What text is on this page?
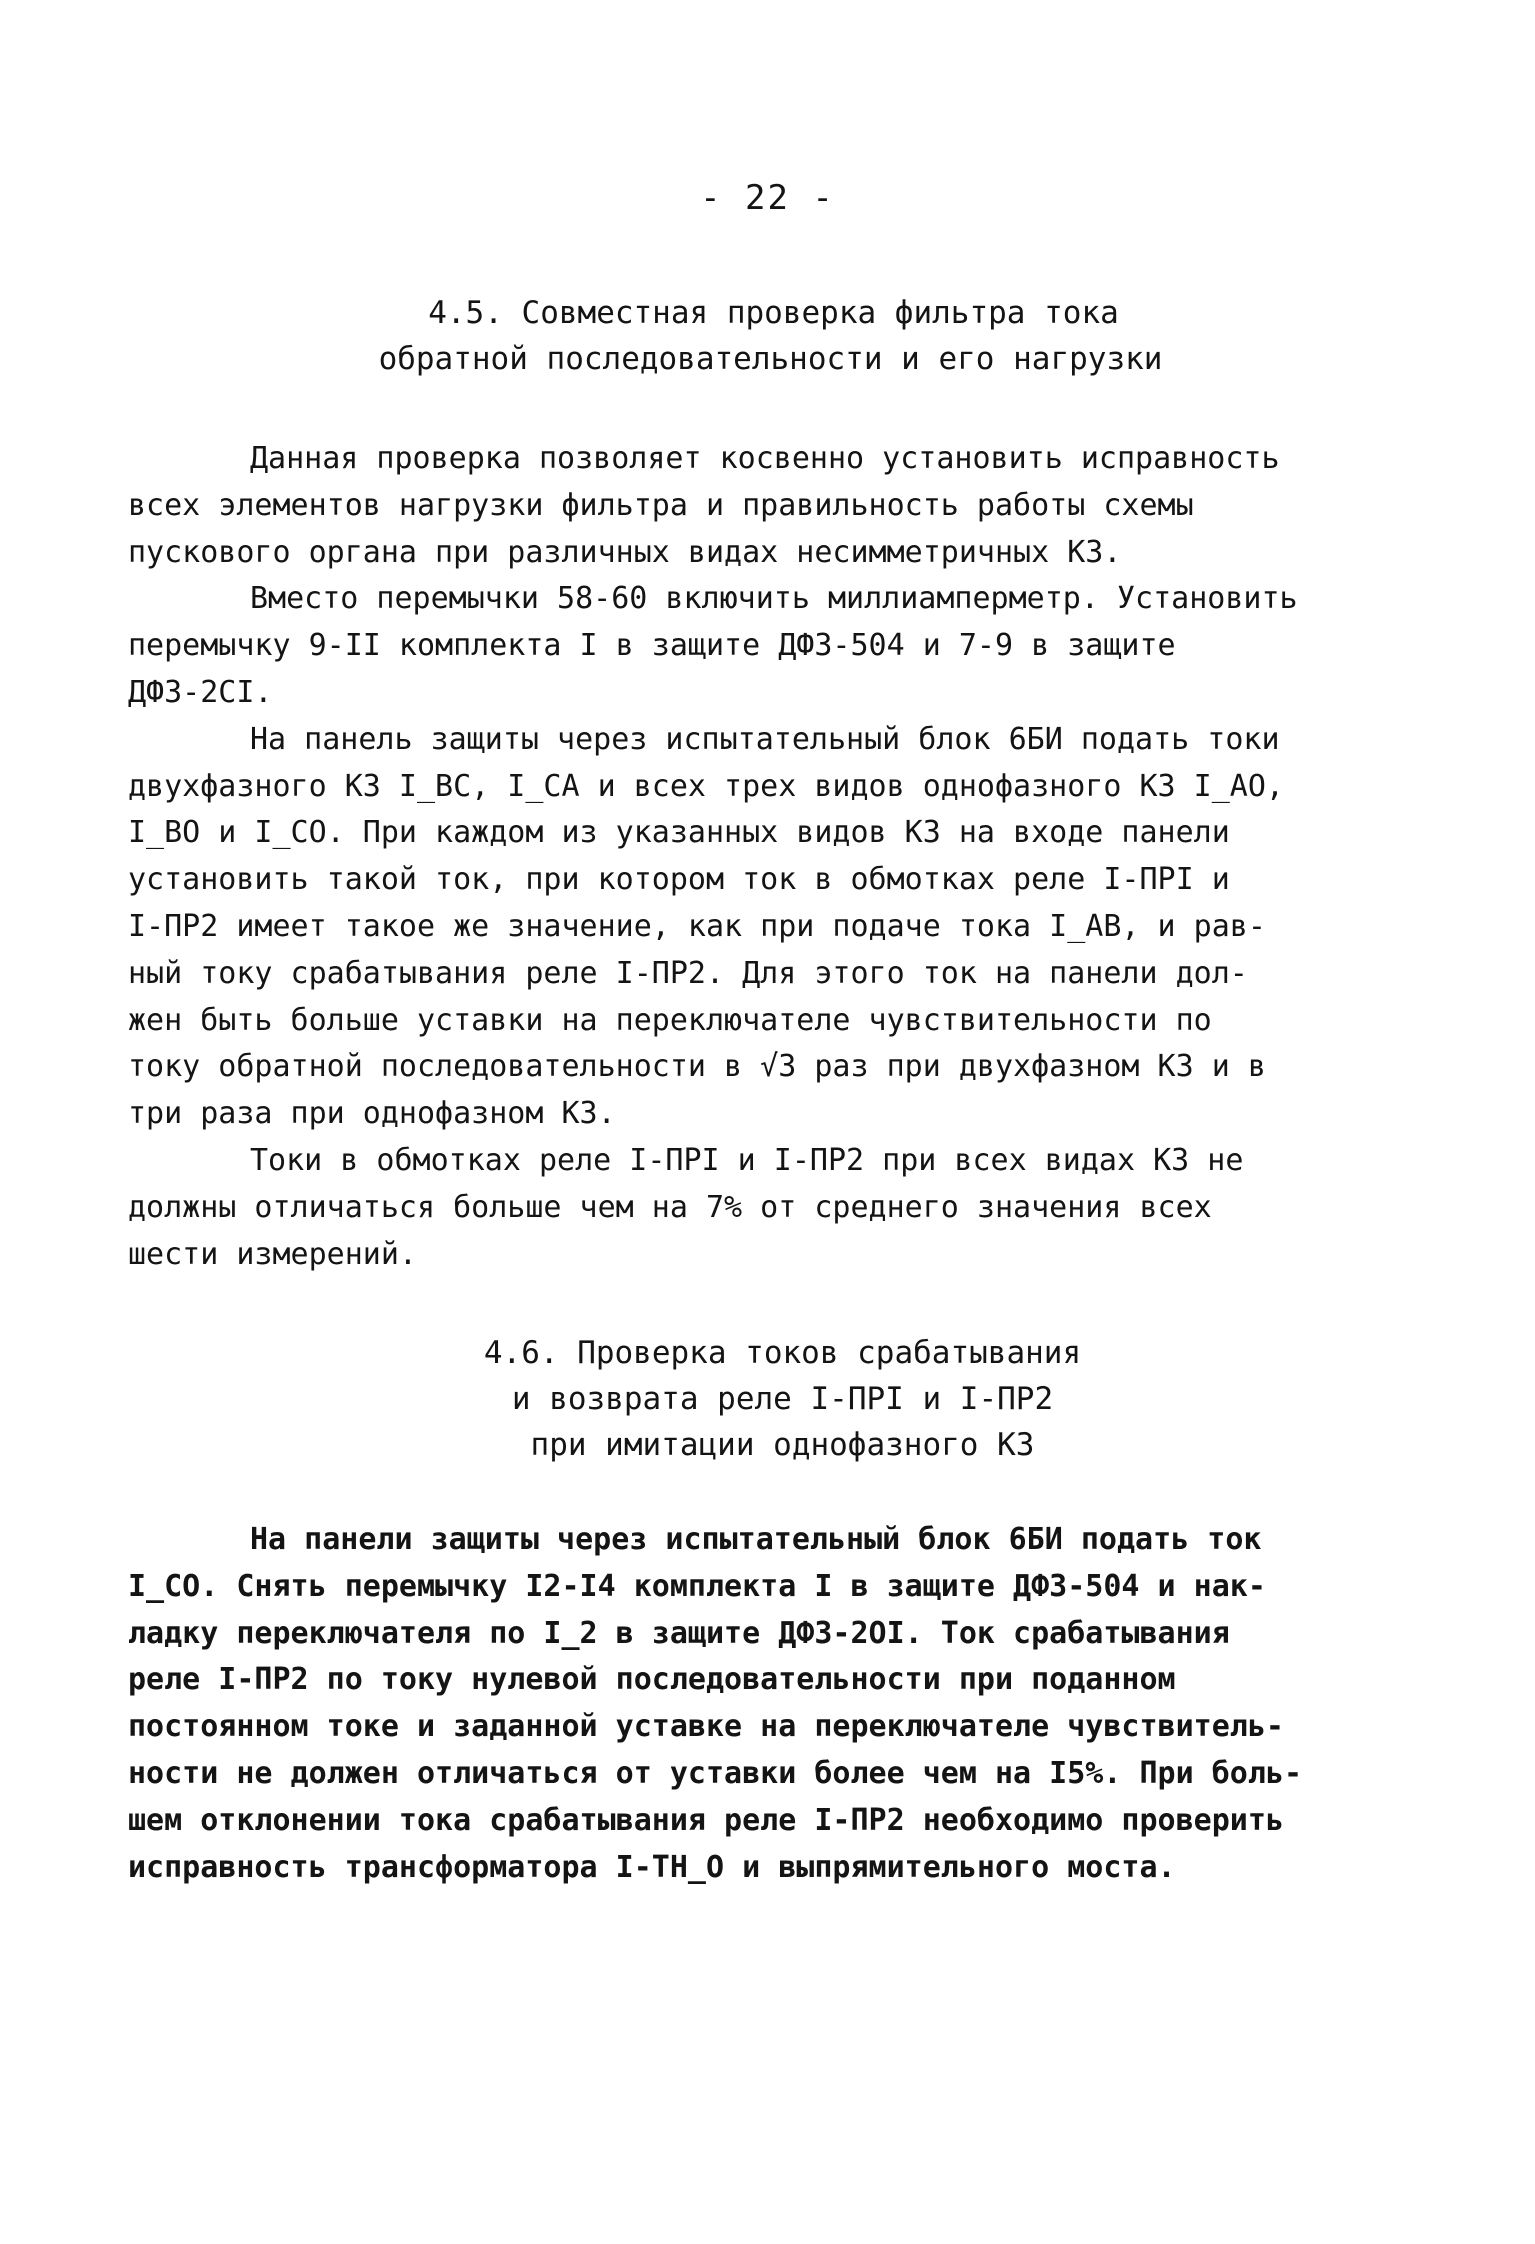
- 22 -
4.5. Совместная проверка фильтра тока
обратной последовательности и его нагрузки
Данная проверка позволяет косвенно установить исправность
всех элементов нагрузки фильтра и правильность работы схемы
пускового органа при различных видах несимметричных КЗ.
Вместо перемычки 58-60 включить миллиамперметр. Установить
перемычку 9-II комплекта I в защите ДФЗ-504 и 7-9 в защите
ДФЗ-2СI.
На панель защиты через испытательный блок 6БИ подать токи
двухфазного КЗ I_BC, I_CA и всех трех видов однофазного КЗ I_AO,
I_BO и I_CO. При каждом из указанных видов КЗ на входе панели
установить такой ток, при котором ток в обмотках реле I-ПРI и
I-ПР2 имеет такое же значение, как при подаче тока I_AB, и рав-
ный току срабатывания реле I-ПР2. Для этого ток на панели дол-
жен быть больше уставки на переключателе чувствительности по
току обратной последовательности в √3 раз при двухфазном КЗ и в
три раза при однофазном КЗ.
Токи в обмотках реле I-ПРI и I-ПР2 при всех видах КЗ не
должны отличаться больше чем на 7% от среднего значения всех
шести измерений.
4.6. Проверка токов срабатывания
и возврата реле I-ПРI и I-ПР2
при имитации однофазного КЗ
На панели защиты через испытательный блок 6БИ подать ток
I_CO. Снять перемычку I2-I4 комплекта I в защите ДФЗ-504 и нак-
ладку переключателя по I_2 в защите ДФЗ-2ОI. Ток срабатывания
реле I-ПР2 по току нулевой последовательности при поданном
постоянном токе и заданной уставке на переключателе чувствитель-
ности не должен отличаться от уставки более чем на I5%. При боль-
шем отклонении тока срабатывания реле I-ПР2 необходимо проверить
исправность трансформатора I-ТН_О и выпрямительного моста.
